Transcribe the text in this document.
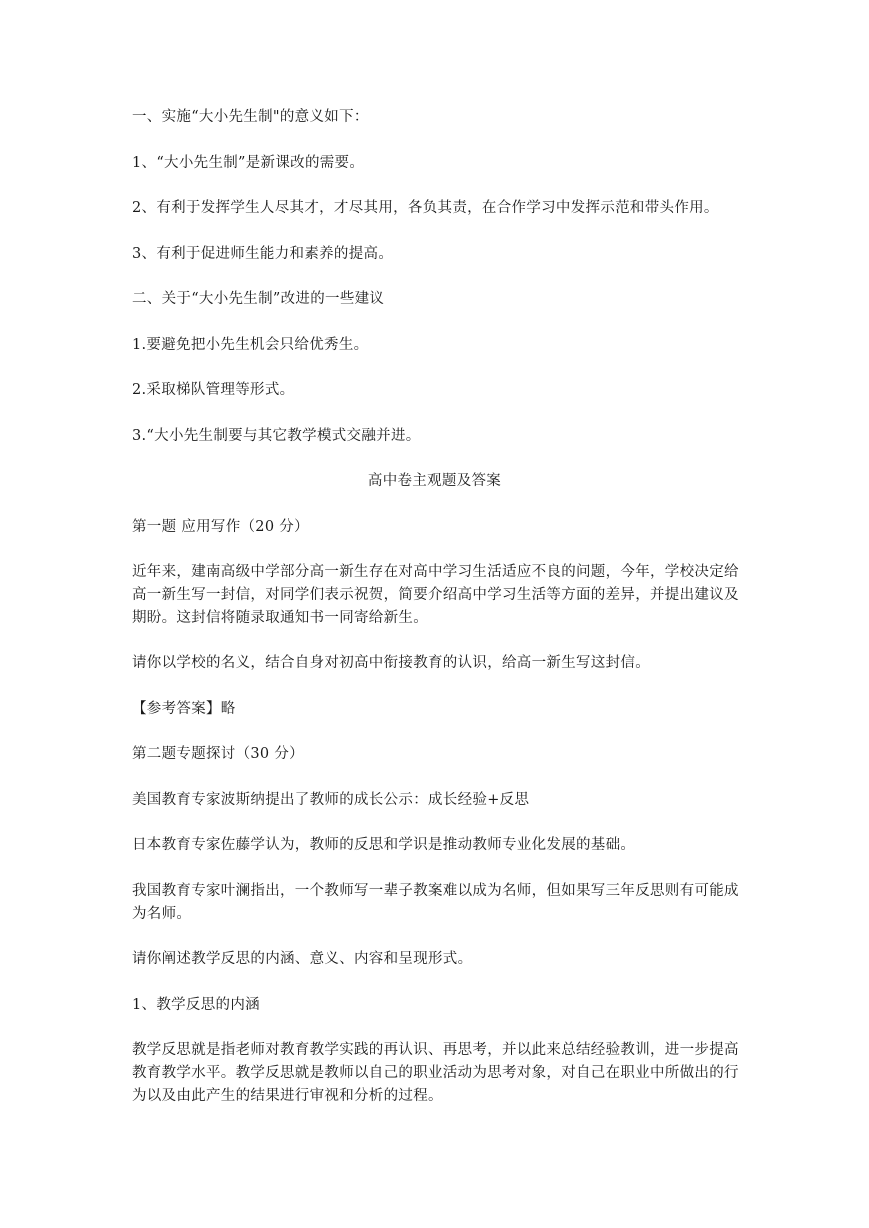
一、实施“大小先生制"的意义如下：

1、“大小先生制”是新课改的需要。

2、有利于发挥学生人尽其才，才尽其用，各负其责，在合作学习中发挥示范和带头作用。

3、有利于促进师生能力和素养的提高。

二、关于“大小先生制”改进的一些建议

1.要避免把小先生机会只给优秀生。

2.采取梯队管理等形式。

3.“大小先生制要与其它教学模式交融并进。

高中卷主观题及答案

第一题 应用写作（20 分）

近年来，建南高级中学部分高一新生存在对高中学习生活适应不良的问题，今年，学校决定给高一新生写一封信，对同学们表示祝贺，简要介绍高中学习生活等方面的差异，并提出建议及期盼。这封信将随录取通知书一同寄给新生。

请你以学校的名义，结合自身对初高中衔接教育的认识，给高一新生写这封信。

【参考答案】略

第二题专题探讨（30 分）

美国教育专家波斯纳提出了教师的成长公示：成长经验+反思

日本教育专家佐藤学认为，教师的反思和学识是推动教师专业化发展的基础。

我国教育专家叶澜指出，一个教师写一辈子教案难以成为名师，但如果写三年反思则有可能成为名师。

请你阐述教学反思的内涵、意义、内容和呈现形式。

1、教学反思的内涵

教学反思就是指老师对教育教学实践的再认识、再思考，并以此来总结经验教训，进一步提高教育教学水平。教学反思就是教师以自己的职业活动为思考对象，对自己在职业中所做出的行为以及由此产生的结果进行审视和分析的过程。
